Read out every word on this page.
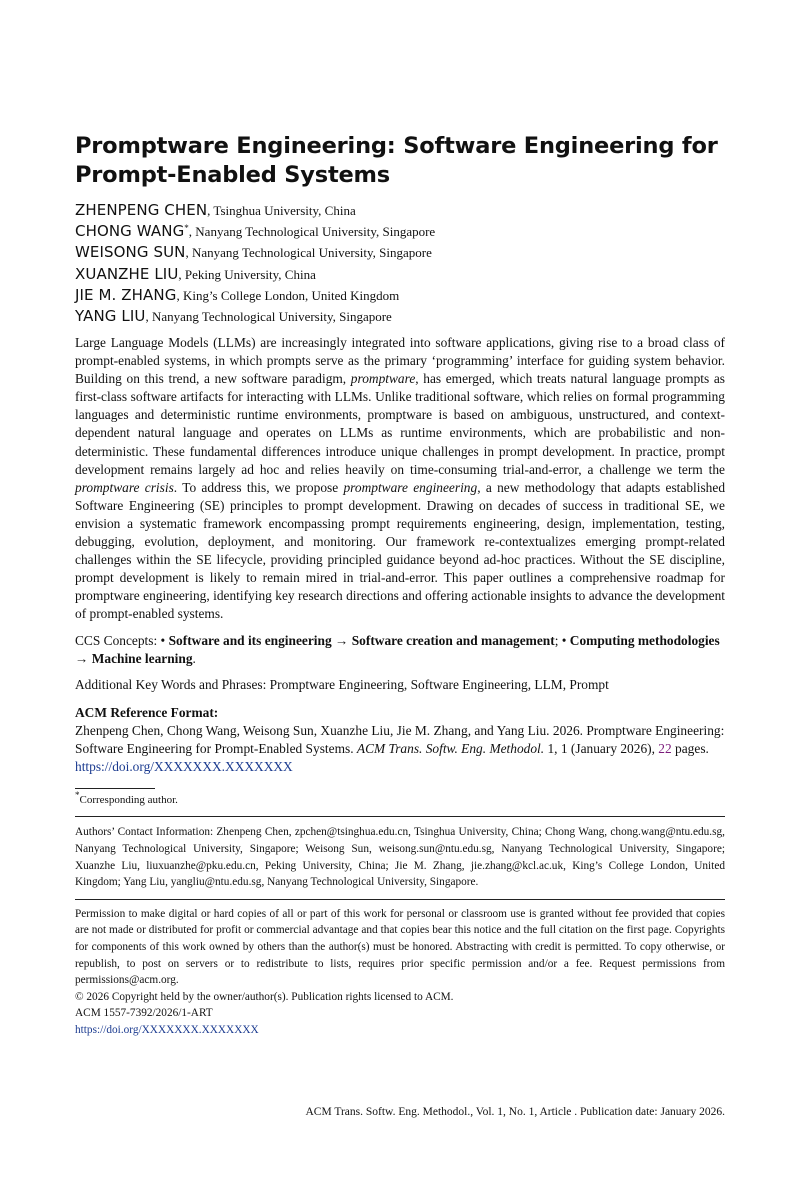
Promptware Engineering: Software Engineering for Prompt-Enabled Systems
ZHENPENG CHEN, Tsinghua University, China
CHONG WANG*, Nanyang Technological University, Singapore
WEISONG SUN, Nanyang Technological University, Singapore
XUANZHE LIU, Peking University, China
JIE M. ZHANG, King’s College London, United Kingdom
YANG LIU, Nanyang Technological University, Singapore

Large Language Models (LLMs) are increasingly integrated into software applications, giving rise to a broad class of prompt-enabled systems, in which prompts serve as the primary ‘programming’ interface for guiding system behavior. Building on this trend, a new software paradigm, promptware, has emerged, which treats natural language prompts as first-class software artifacts for interacting with LLMs. Unlike traditional software, which relies on formal programming languages and deterministic runtime environments, promptware is based on ambiguous, unstructured, and context-dependent natural language and operates on LLMs as runtime environments, which are probabilistic and non-deterministic. These fundamental differences introduce unique challenges in prompt development. In practice, prompt development remains largely ad hoc and relies heavily on time-consuming trial-and-error, a challenge we term the promptware crisis. To address this, we propose promptware engineering, a new methodology that adapts established Software Engineering (SE) principles to prompt development. Drawing on decades of success in traditional SE, we envision a systematic framework encompassing prompt requirements engineering, design, implementation, testing, debugging, evolution, deployment, and monitoring. Our framework re-contextualizes emerging prompt-related challenges within the SE lifecycle, providing principled guidance beyond ad-hoc practices. Without the SE discipline, prompt development is likely to remain mired in trial-and-error. This paper outlines a comprehensive roadmap for promptware engineering, identifying key research directions and offering actionable insights to advance the development of prompt-enabled systems.

CCS Concepts: • Software and its engineering → Software creation and management; • Computing methodologies → Machine learning.
Additional Key Words and Phrases: Promptware Engineering, Software Engineering, LLM, Prompt
ACM Reference Format:
Zhenpeng Chen, Chong Wang, Weisong Sun, Xuanzhe Liu, Jie M. Zhang, and Yang Liu. 2026. Promptware Engineering: Software Engineering for Prompt-Enabled Systems. ACM Trans. Softw. Eng. Methodol. 1, 1 (January 2026), 22 pages. https://doi.org/XXXXXXX.XXXXXXX
*Corresponding author.
Authors’ Contact Information: Zhenpeng Chen, zpchen@tsinghua.edu.cn, Tsinghua University, China; Chong Wang, chong.wang@ntu.edu.sg, Nanyang Technological University, Singapore; Weisong Sun, weisong.sun@ntu.edu.sg, Nanyang Technological University, Singapore; Xuanzhe Liu, liuxuanzhe@pku.edu.cn, Peking University, China; Jie M. Zhang, jie.zhang@kcl.ac.uk, King’s College London, United Kingdom; Yang Liu, yangliu@ntu.edu.sg, Nanyang Technological University, Singapore.
Permission to make digital or hard copies of all or part of this work for personal or classroom use is granted without fee provided that copies are not made or distributed for profit or commercial advantage and that copies bear this notice and the full citation on the first page. Copyrights for components of this work owned by others than the author(s) must be honored. Abstracting with credit is permitted. To copy otherwise, or republish, to post on servers or to redistribute to lists, requires prior specific permission and/or a fee. Request permissions from permissions@acm.org.
© 2026 Copyright held by the owner/author(s). Publication rights licensed to ACM.
ACM 1557-7392/2026/1-ART
https://doi.org/XXXXXXX.XXXXXXX
ACM Trans. Softw. Eng. Methodol., Vol. 1, No. 1, Article . Publication date: January 2026.
